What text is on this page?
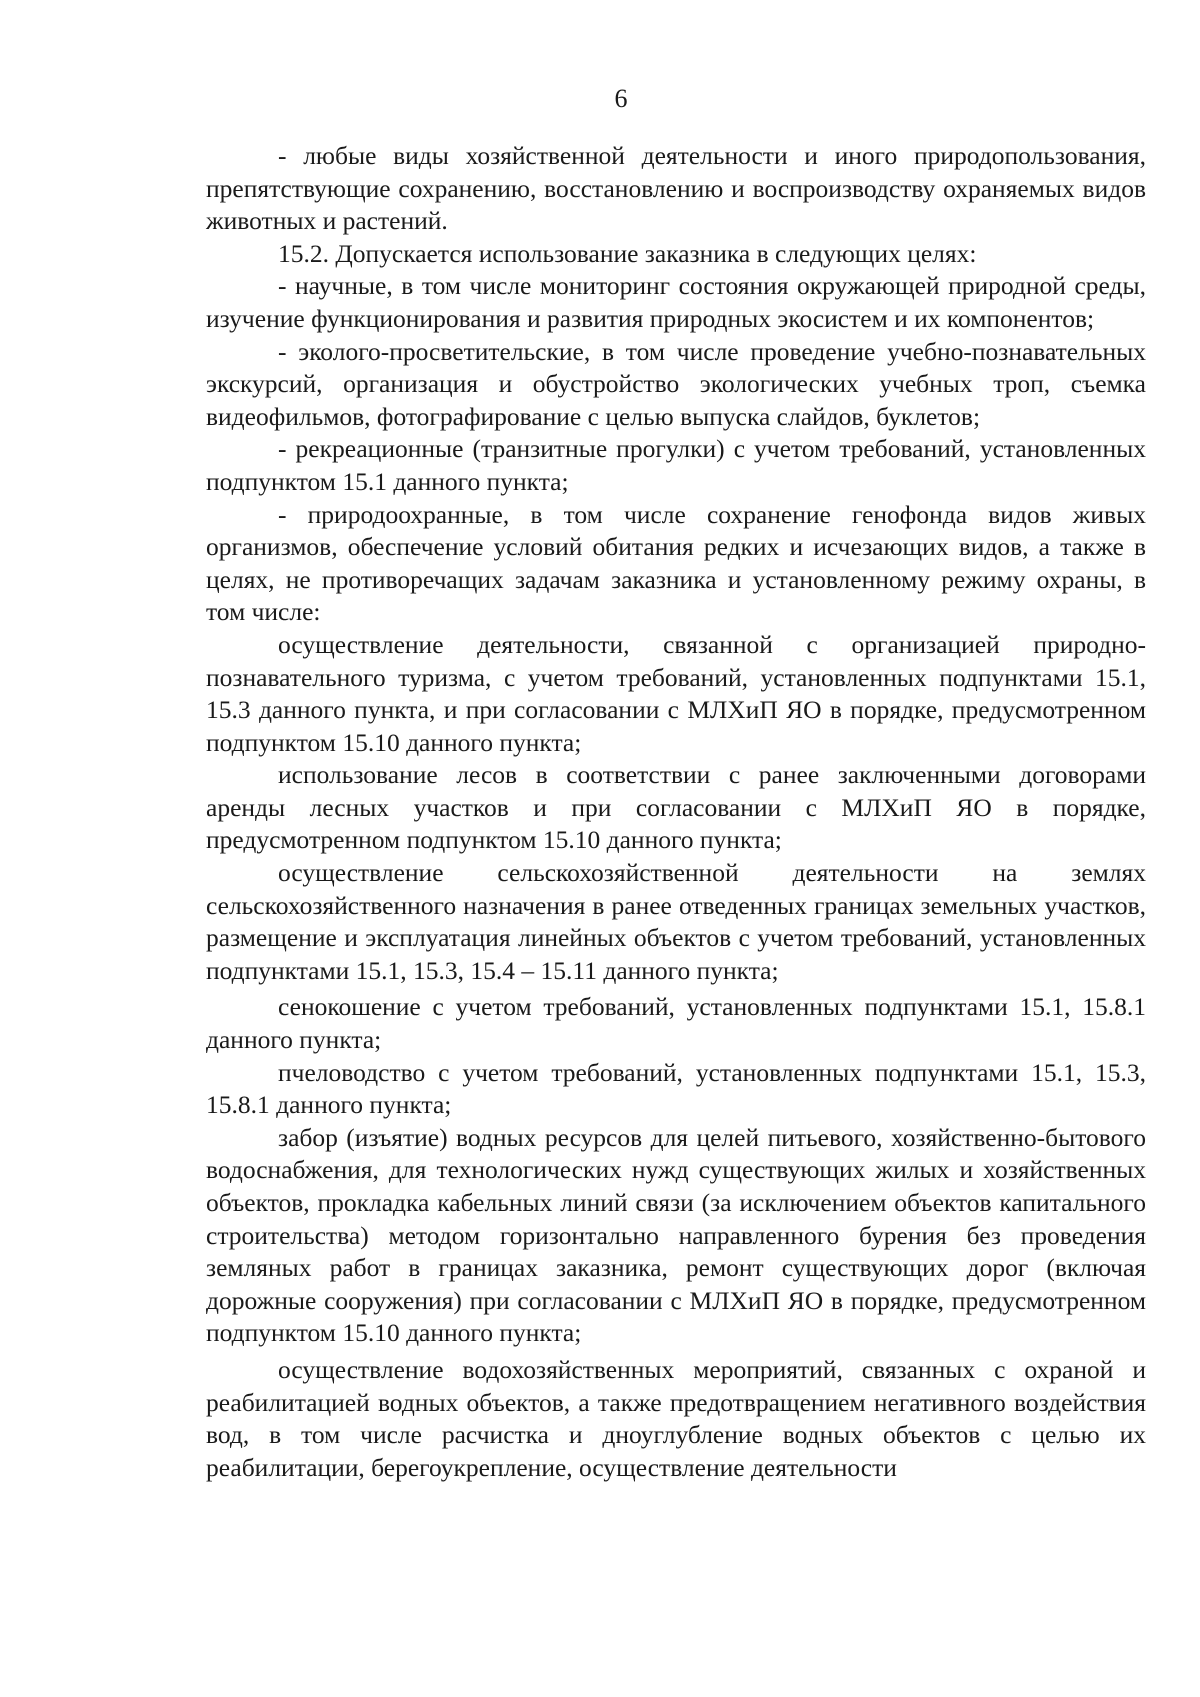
6

- любые виды хозяйственной деятельности и иного природопользования, препятствующие сохранению, восстановлению и воспроизводству охраняемых видов животных и растений.

15.2. Допускается использование заказника в следующих целях:

- научные, в том числе мониторинг состояния окружающей природной среды, изучение функционирования и развития природных экосистем и их компонентов;

- эколого-просветительские, в том числе проведение учебно-познавательных экскурсий, организация и обустройство экологических учебных троп, съемка видеофильмов, фотографирование с целью выпуска слайдов, буклетов;

- рекреационные (транзитные прогулки) с учетом требований, установленных подпунктом 15.1 данного пункта;

- природоохранные, в том числе сохранение генофонда видов живых организмов, обеспечение условий обитания редких и исчезающих видов, а также в целях, не противоречащих задачам заказника и установленному режиму охраны, в том числе:

осуществление деятельности, связанной с организацией природно-познавательного туризма, с учетом требований, установленных подпунктами 15.1, 15.3 данного пункта, и при согласовании с МЛХиП ЯО в порядке, предусмотренном подпунктом 15.10 данного пункта;

использование лесов в соответствии с ранее заключенными договорами аренды лесных участков и при согласовании с МЛХиП ЯО в порядке, предусмотренном подпунктом 15.10 данного пункта;

осуществление сельскохозяйственной деятельности на землях сельскохозяйственного назначения в ранее отведенных границах земельных участков, размещение и эксплуатация линейных объектов с учетом требований, установленных подпунктами 15.1, 15.3, 15.4 – 15.11 данного пункта;

сенокошение с учетом требований, установленных подпунктами 15.1, 15.8.1 данного пункта;

пчеловодство с учетом требований, установленных подпунктами 15.1, 15.3, 15.8.1 данного пункта;

забор (изъятие) водных ресурсов для целей питьевого, хозяйственно-бытового водоснабжения, для технологических нужд существующих жилых и хозяйственных объектов, прокладка кабельных линий связи (за исключением объектов капитального строительства) методом горизонтально направленного бурения без проведения земляных работ в границах заказника, ремонт существующих дорог (включая дорожные сооружения) при согласовании с МЛХиП ЯО в порядке, предусмотренном подпунктом 15.10 данного пункта;

осуществление водохозяйственных мероприятий, связанных с охраной и реабилитацией водных объектов, а также предотвращением негативного воздействия вод, в том числе расчистка и дноуглубление водных объектов с целью их реабилитации, берегоукрепление, осуществление деятельности
